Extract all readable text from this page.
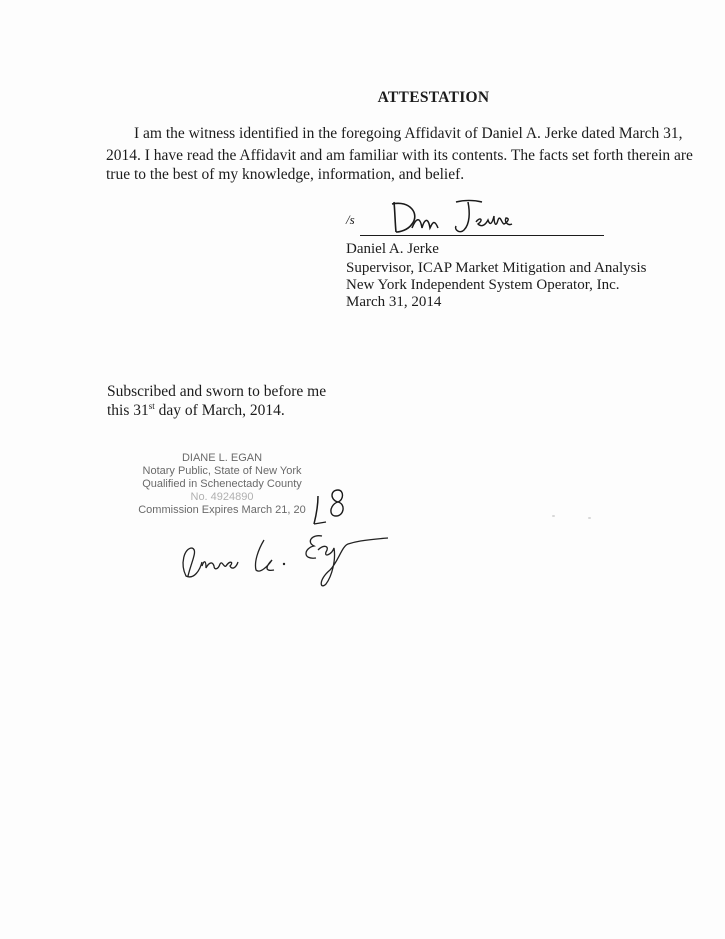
ATTESTATION
I am the witness identified in the foregoing Affidavit of Daniel A. Jerke dated March 31,
2014. I have read the Affidavit and am familiar with its contents. The facts set forth therein are
true to the best of my knowledge, information, and belief.
/s
Daniel A. Jerke
Supervisor, ICAP Market Mitigation and Analysis
New York Independent System Operator, Inc.
March 31, 2014
Subscribed and sworn to before me
this 31st day of March, 2014.
DIANE L. EGAN
Notary Public, State of New York
Qualified in Schenectady County
No. 4924890
Commission Expires March 21, 20
